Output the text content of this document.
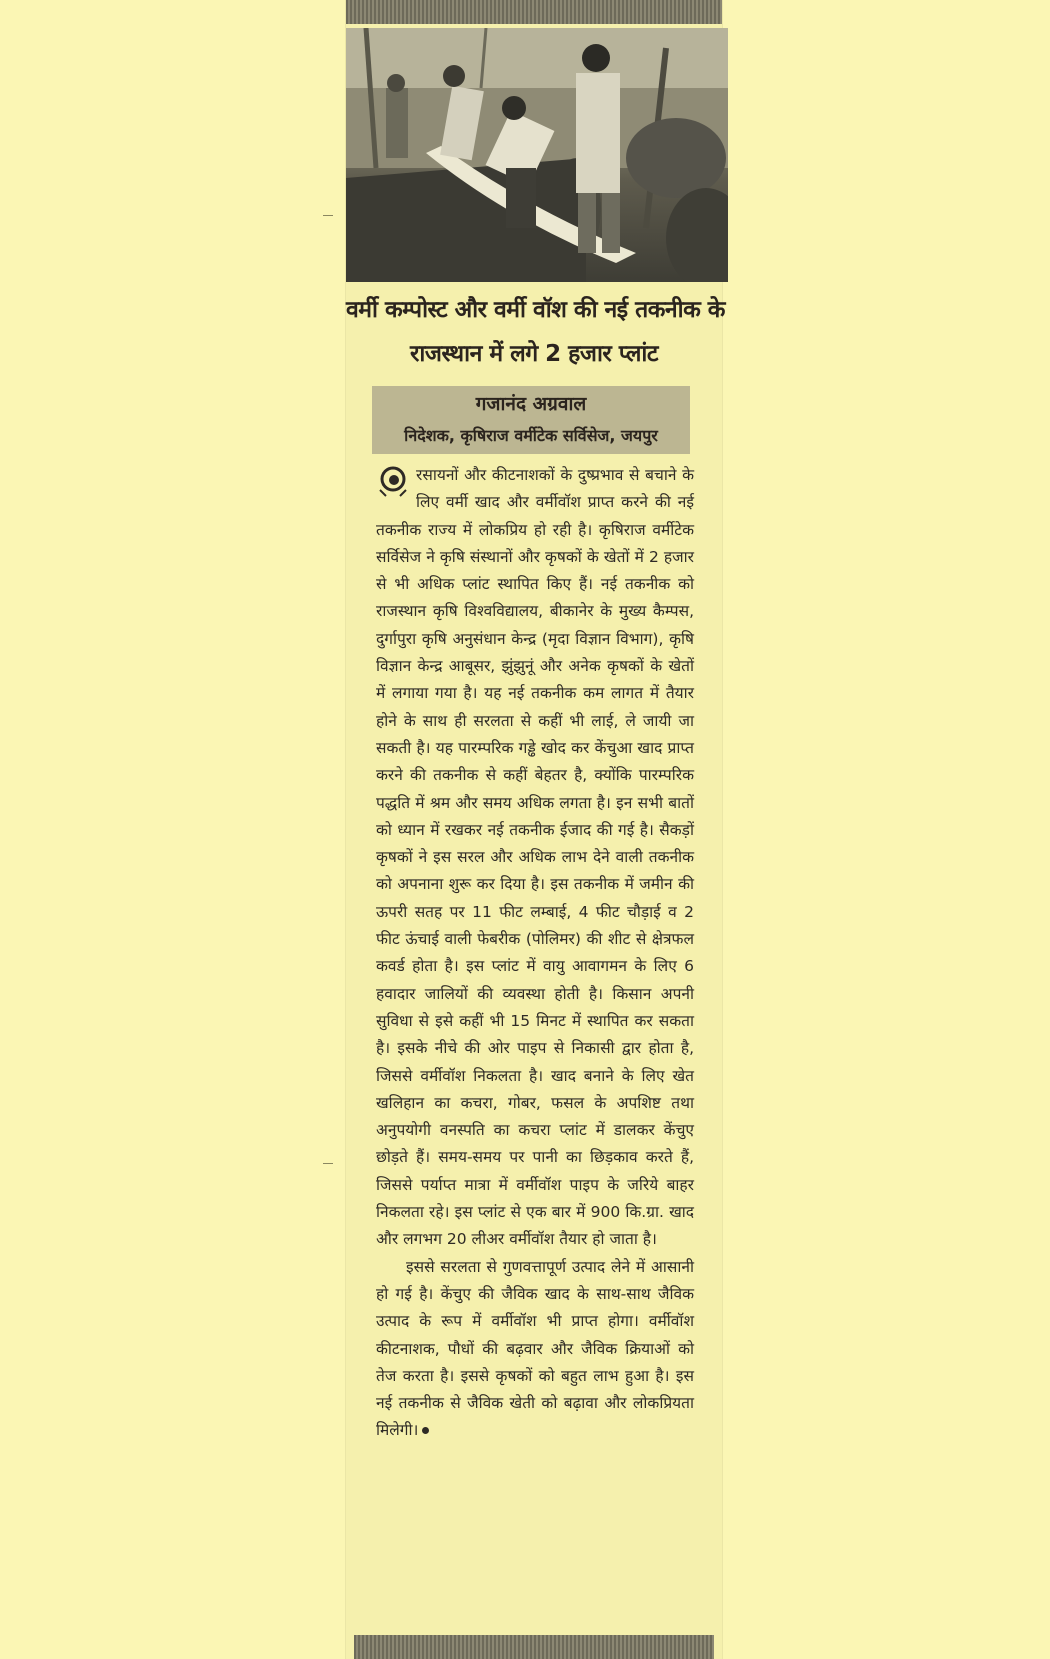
वर्मी कम्पोस्ट और वर्मी वॉश की नई तकनीक के
राजस्थान में लगे 2 हजार प्लांट
गजानंद अग्रवाल
निदेशक, कृषिराज वर्मीटेक सर्विसेज, जयपुर

रसायनों और कीटनाशकों के दुष्प्रभाव से बचाने के लिए वर्मी खाद और वर्मीवॉश प्राप्त करने की नई तकनीक राज्य में लोकप्रिय हो रही है। कृषिराज वर्मीटेक सर्विसेज ने कृषि संस्थानों और कृषकों के खेतों में 2 हजार से भी अधिक प्लांट स्थापित किए हैं। नई तकनीक को राजस्थान कृषि विश्वविद्यालय, बीकानेर के मुख्य कैम्पस, दुर्गापुरा कृषि अनुसंधान केन्द्र (मृदा विज्ञान विभाग), कृषि विज्ञान केन्द्र आबूसर, झुंझुनूं और अनेक कृषकों के खेतों में लगाया गया है। यह नई तकनीक कम लागत में तैयार होने के साथ ही सरलता से कहीं भी लाई, ले जायी जा सकती है। यह पारम्परिक गड्ढे खोद कर केंचुआ खाद प्राप्त करने की तकनीक से कहीं बेहतर है, क्योंकि पारम्परिक पद्धति में श्रम और समय अधिक लगता है। इन सभी बातों को ध्यान में रखकर नई तकनीक ईजाद की गई है। सैकड़ों कृषकों ने इस सरल और अधिक लाभ देने वाली तकनीक को अपनाना शुरू कर दिया है। इस तकनीक में जमीन की ऊपरी सतह पर 11 फीट लम्बाई, 4 फीट चौड़ाई व 2 फीट ऊंचाई वाली फेबरीक (पोलिमर) की शीट से क्षेत्रफल कवर्ड होता है। इस प्लांट में वायु आवागमन के लिए 6 हवादार जालियों की व्यवस्था होती है। किसान अपनी सुविधा से इसे कहीं भी 15 मिनट में स्थापित कर सकता है। इसके नीचे की ओर पाइप से निकासी द्वार होता है, जिससे वर्मीवॉश निकलता है। खाद बनाने के लिए खेत खलिहान का कचरा, गोबर, फसल के अपशिष्ट तथा अनुपयोगी वनस्पति का कचरा प्लांट में डालकर केंचुए छोड़ते हैं। समय-समय पर पानी का छिड़काव करते हैं, जिससे पर्याप्त मात्रा में वर्मीवॉश पाइप के जरिये बाहर निकलता रहे। इस प्लांट से एक बार में 900 कि.ग्रा. खाद और लगभग 20 लीअर वर्मीवॉश तैयार हो जाता है।

इससे सरलता से गुणवत्तापूर्ण उत्पाद लेने में आसानी हो गई है। केंचुए की जैविक खाद के साथ-साथ जैविक उत्पाद के रूप में वर्मीवॉश भी प्राप्त होगा। वर्मीवॉश कीटनाशक, पौधों की बढ़वार और जैविक क्रियाओं को तेज करता है। इससे कृषकों को बहुत लाभ हुआ है। इस नई तकनीक से जैविक खेती को बढ़ावा और लोकप्रियता मिलेगी।
